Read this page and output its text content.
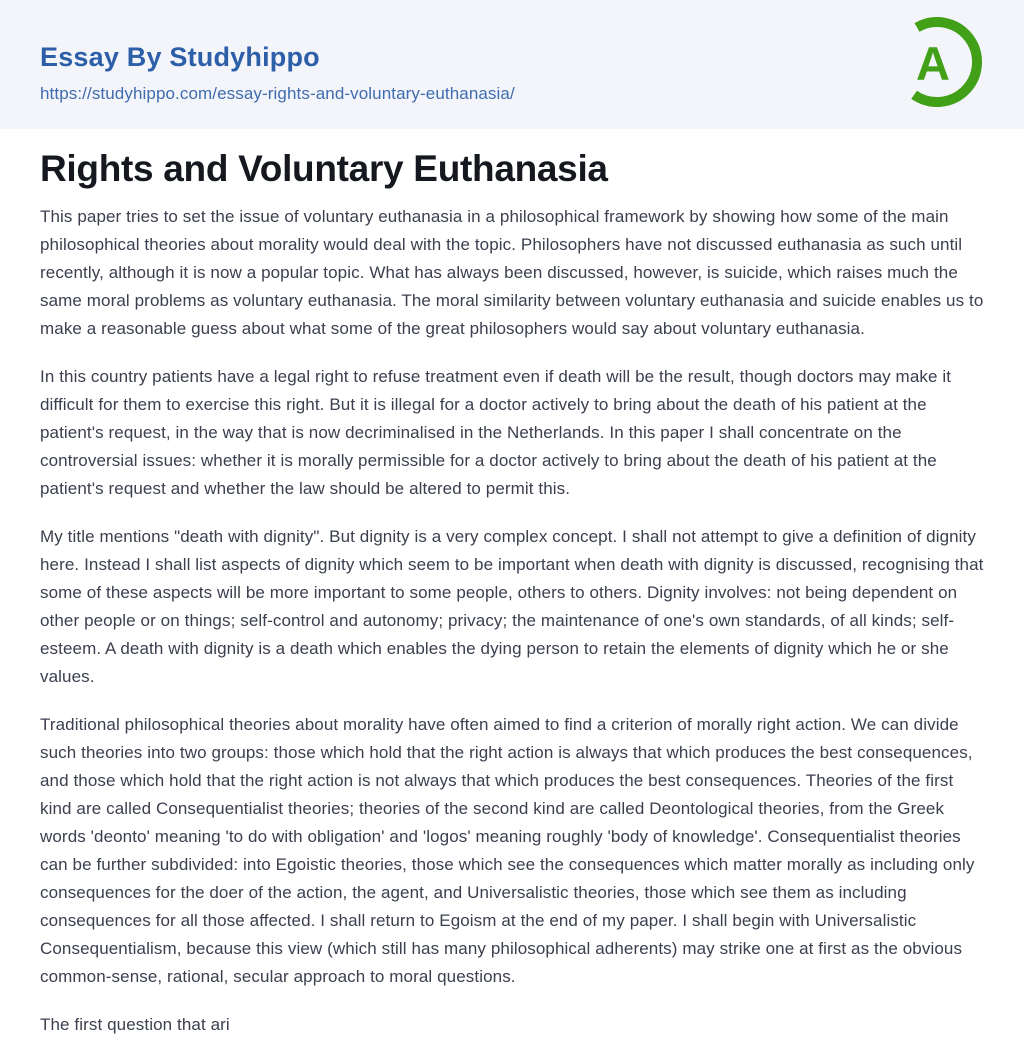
Essay By Studyhippo
https://studyhippo.com/essay-rights-and-voluntary-euthanasia/
A
Rights and Voluntary Euthanasia

This paper tries to set the issue of voluntary euthanasia in a philosophical framework by showing how some of the main philosophical theories about morality would deal with the topic. Philosophers have not discussed euthanasia as such until recently, although it is now a popular topic. What has always been discussed, however, is suicide, which raises much the same moral problems as voluntary euthanasia. The moral similarity between voluntary euthanasia and suicide enables us to make a reasonable guess about what some of the great philosophers would say about voluntary euthanasia.

In this country patients have a legal right to refuse treatment even if death will be the result, though doctors may make it difficult for them to exercise this right. But it is illegal for a doctor actively to bring about the death of his patient at the patient's request, in the way that is now decriminalised in the Netherlands. In this paper I shall concentrate on the controversial issues: whether it is morally permissible for a doctor actively to bring about the death of his patient at the patient's request and whether the law should be altered to permit this.

My title mentions "death with dignity". But dignity is a very complex concept. I shall not attempt to give a definition of dignity here. Instead I shall list aspects of dignity which seem to be important when death with dignity is discussed, recognising that some of these aspects will be more important to some people, others to others. Dignity involves: not being dependent on other people or on things; self-control and autonomy; privacy; the maintenance of one's own standards, of all kinds; self-esteem. A death with dignity is a death which enables the dying person to retain the elements of dignity which he or she values.

Traditional philosophical theories about morality have often aimed to find a criterion of morally right action. We can divide such theories into two groups: those which hold that the right action is always that which produces the best consequences, and those which hold that the right action is not always that which produces the best consequences. Theories of the first kind are called Consequentialist theories; theories of the second kind are called Deontological theories, from the Greek words 'deonto' meaning 'to do with obligation' and 'logos' meaning roughly 'body of knowledge'. Consequentialist theories can be further subdivided: into Egoistic theories, those which see the consequences which matter morally as including only consequences for the doer of the action, the agent, and Universalistic theories, those which see them as including consequences for all those affected. I shall return to Egoism at the end of my paper. I shall begin with Universalistic Consequentialism, because this view (which still has many philosophical adherents) may strike one at first as the obvious common-sense, rational, secular approach to moral questions.

The first question that ari
